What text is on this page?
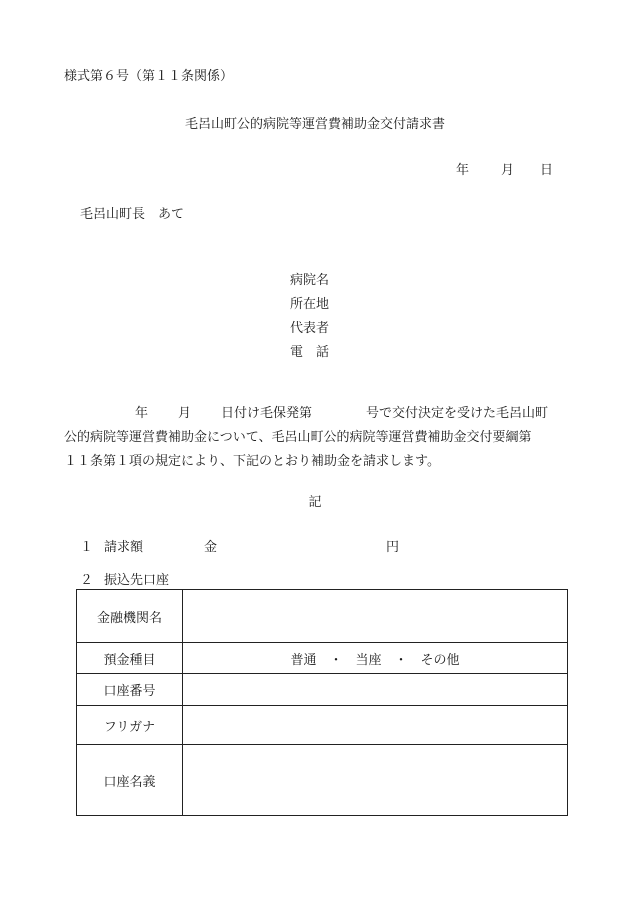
様式第６号（第１１条関係）
毛呂山町公的病院等運営費補助金交付請求書
年 月 日
毛呂山町長　あて
病院名
所在地
代表者
電　話
年 月 日付け毛保発第	号で交付決定を受けた毛呂山町
公的病院等運営費補助金について、毛呂山町公的病院等運営費補助金交付要綱第
１１条第１項の規定により、下記のとおり補助金を請求します。
記
１ 請求額	金	円
２ 振込先口座
金融機関名	
預金種目	普通　・　当座　・　その他
口座番号	
フリガナ	
口座名義	
